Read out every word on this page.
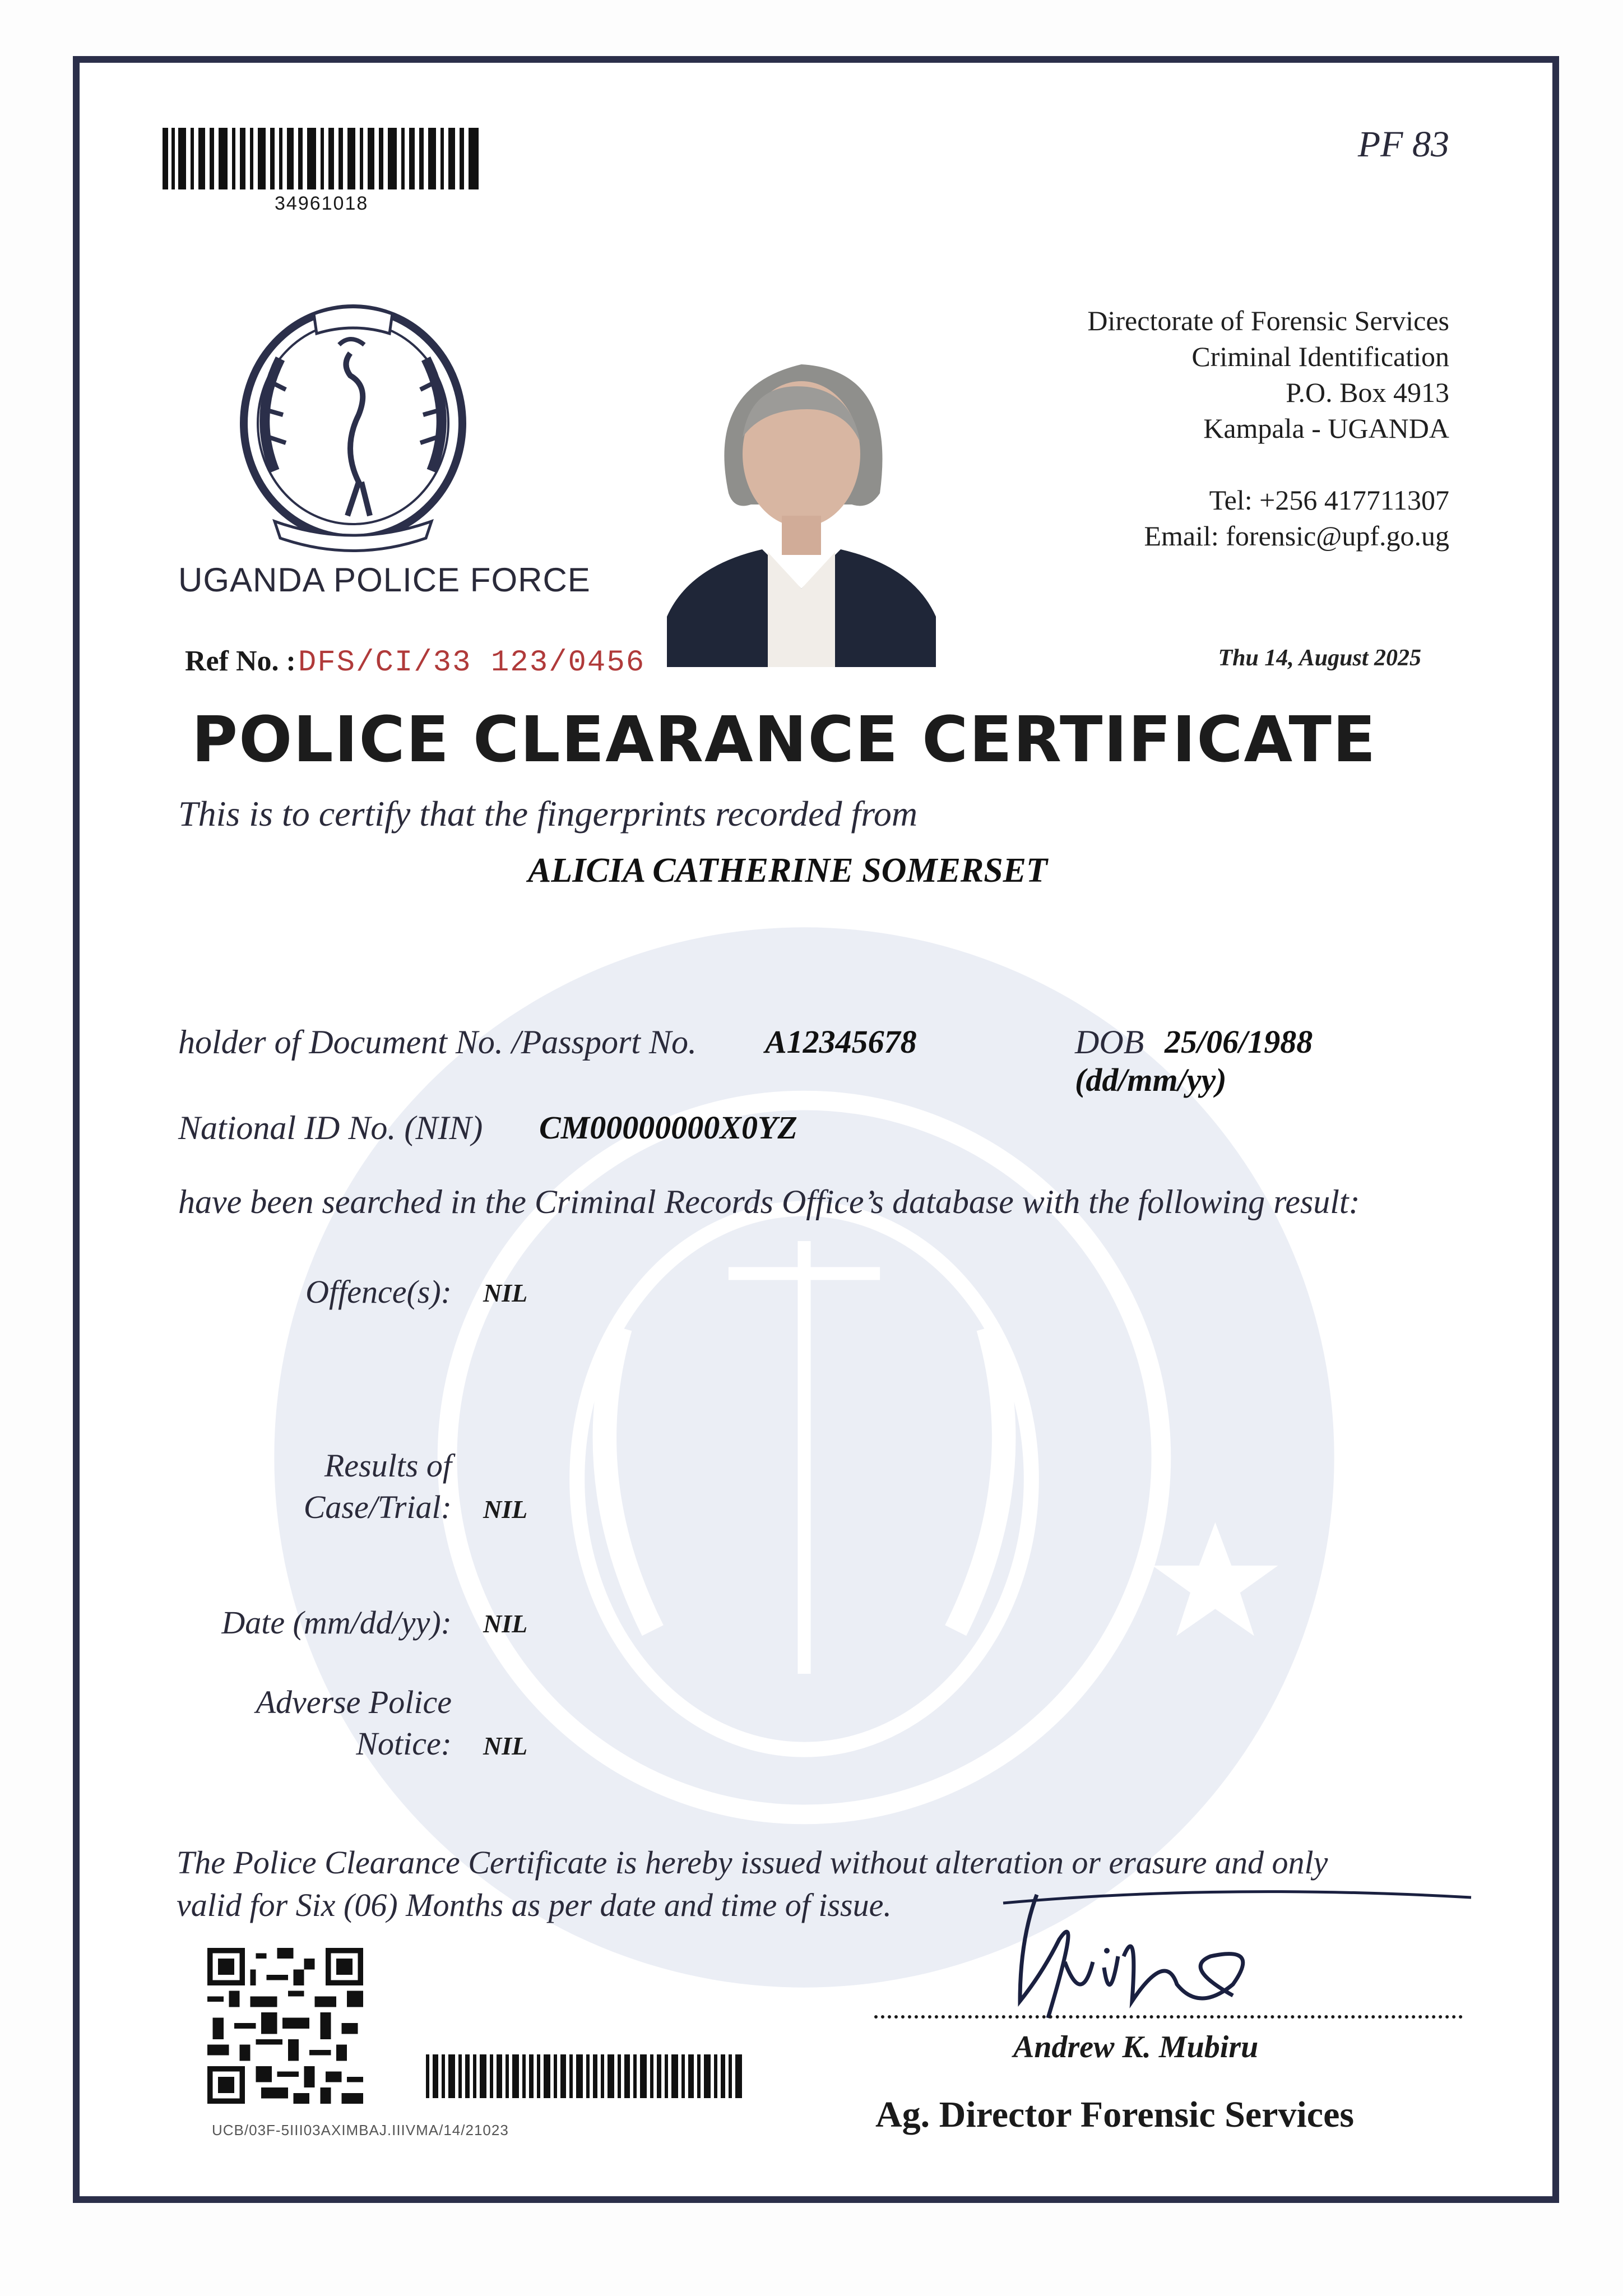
34961018
PF 83
UGANDA POLICE FORCE
Directorate of Forensic Services
Criminal Identification
P.O. Box 4913
Kampala - UGANDA
Tel: +256 417711307
Email: forensic@upf.go.ug
Ref No. : DFS/CI/33 123/0456	Thu 14, August 2025
POLICE CLEARANCE CERTIFICATE
This is to certify that the fingerprints recorded from
ALICIA CATHERINE SOMERSET
holder of Document No. /Passport No. A12345678	DOB 25/06/1988
(dd/mm/yy)
National ID No. (NIN) CM00000000X0YZ
have been searched in the Criminal Records Office’s database with the following result:
Offence(s): NIL
Results of
Case/Trial: NIL
Date (mm/dd/yy): NIL
Adverse Police
Notice: NIL
The Police Clearance Certificate is hereby issued without alteration or erasure and only
valid for Six (06) Months as per date and time of issue.
UCB/03F-5III03AXIMBAJ.IIIVMA/14/21023
Andrew K. Mubiru
Ag. Director Forensic Services
